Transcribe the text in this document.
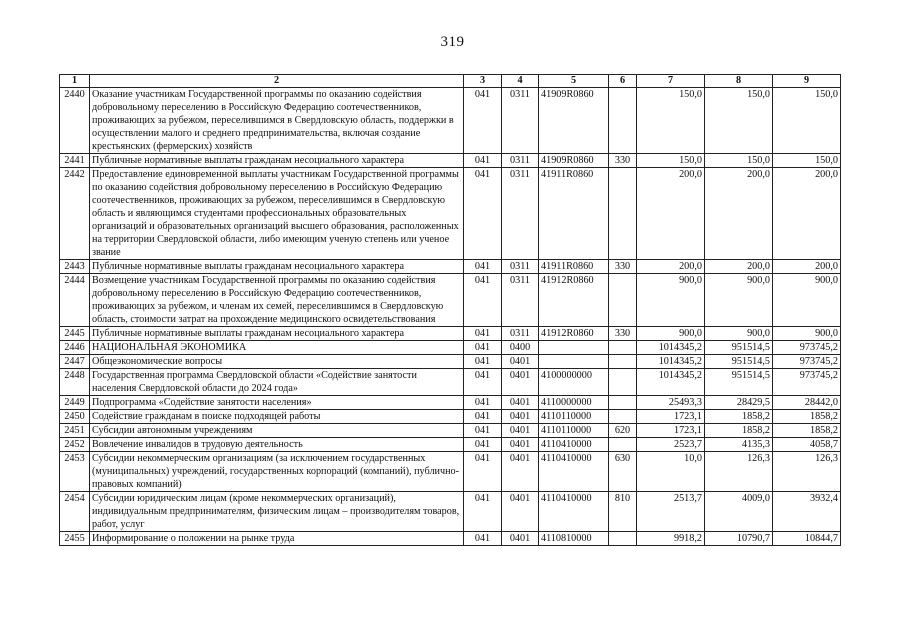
319
1	2	3	4	5	6	7	8	9
2440	Оказание участникам Государственной программы по оказанию содействия добровольному переселению в Российскую Федерацию соотечественников, проживающих за рубежом, переселившимся в Свердловскую область, поддержки в осуществлении малого и среднего предпринимательства, включая создание крестьянских (фермерских) хозяйств	041	0311	41909R0860		150,0	150,0	150,0
2441	Публичные нормативные выплаты гражданам несоциального характера	041	0311	41909R0860	330	150,0	150,0	150,0
2442	Предоставление единовременной выплаты участникам Государственной программы по оказанию содействия добровольному переселению в Российскую Федерацию соотечественников, проживающих за рубежом, переселившимся в Свердловскую область и являющимся студентами профессиональных образовательных организаций и образовательных организаций высшего образования, расположенных на территории Свердловской области, либо имеющим ученую степень или ученое звание	041	0311	41911R0860		200,0	200,0	200,0
2443	Публичные нормативные выплаты гражданам несоциального характера	041	0311	41911R0860	330	200,0	200,0	200,0
2444	Возмещение участникам Государственной программы по оказанию содействия добровольному переселению в Российскую Федерацию соотечественников, проживающих за рубежом, и членам их семей, переселившимся в Свердловскую область, стоимости затрат на прохождение медицинского освидетельствования	041	0311	41912R0860		900,0	900,0	900,0
2445	Публичные нормативные выплаты гражданам несоциального характера	041	0311	41912R0860	330	900,0	900,0	900,0
2446	НАЦИОНАЛЬНАЯ ЭКОНОМИКА	041	0400			1014345,2	951514,5	973745,2
2447	Общеэкономические вопросы	041	0401			1014345,2	951514,5	973745,2
2448	Государственная программа Свердловской области «Содействие занятости населения Свердловской области до 2024 года»	041	0401	4100000000		1014345,2	951514,5	973745,2
2449	Подпрограмма «Содействие занятости населения»	041	0401	4110000000		25493,3	28429,5	28442,0
2450	Содействие гражданам в поиске подходящей работы	041	0401	4110110000		1723,1	1858,2	1858,2
2451	Субсидии автономным учреждениям	041	0401	4110110000	620	1723,1	1858,2	1858,2
2452	Вовлечение инвалидов в трудовую деятельность	041	0401	4110410000		2523,7	4135,3	4058,7
2453	Субсидии некоммерческим организациям (за исключением государственных (муниципальных) учреждений, государственных корпораций (компаний), публично-правовых компаний)	041	0401	4110410000	630	10,0	126,3	126,3
2454	Субсидии юридическим лицам (кроме некоммерческих организаций), индивидуальным предпринимателям, физическим лицам – производителям товаров, работ, услуг	041	0401	4110410000	810	2513,7	4009,0	3932,4
2455	Информирование о положении на рынке труда	041	0401	4110810000		9918,2	10790,7	10844,7
